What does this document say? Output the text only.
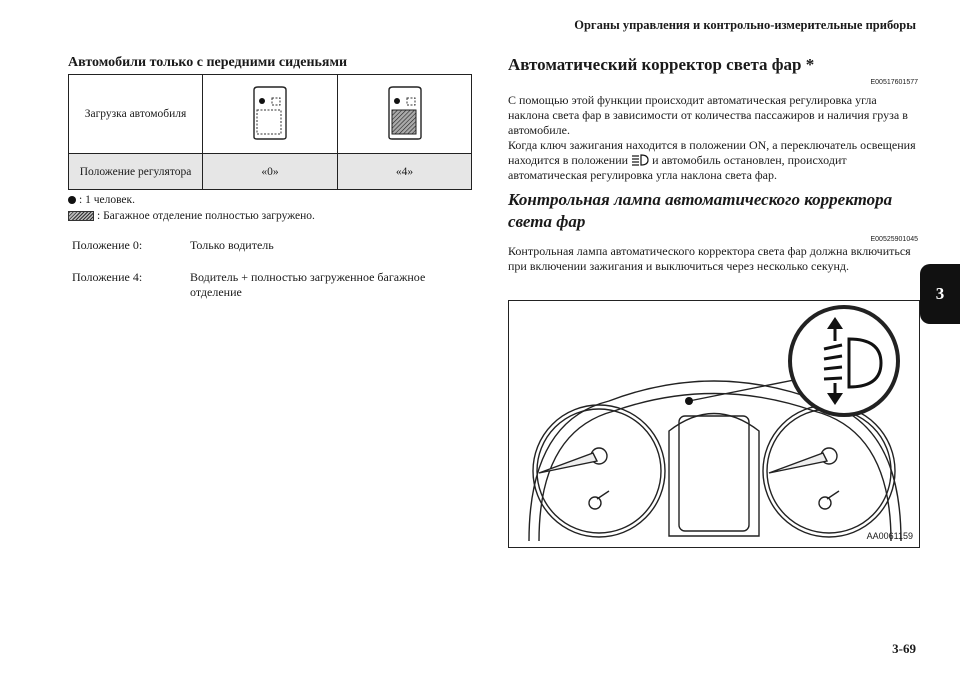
Органы управления и контрольно-измерительные приборы
3
Автомобили только с передними сиденьями
Загрузка автомобиля		
Положение регулятора	«0»	«4»
: 1 человек.
: Багажное отделение полностью загружено.
Положение 0:	Только водитель
Положение 4:	Водитель + полностью загруженное багажное отделение
Автоматический корректор света фар *
E00517601577
С помощью этой функции происходит автоматическая регулировка угла наклона света фар в зависимости от количества пассажиров и наличия груза в автомобиле.
Когда ключ зажигания находится в положении ON, а переключатель освещения находится в положении и автомобиль остановлен, происходит автоматическая регулировка угла наклона света фар.
Контрольная лампа автоматического корректора света фар
E00525901045
Контрольная лампа автоматического корректора света фар должна включиться при включении зажигания и выключиться через несколько секунд.
AA0061159
3-69
